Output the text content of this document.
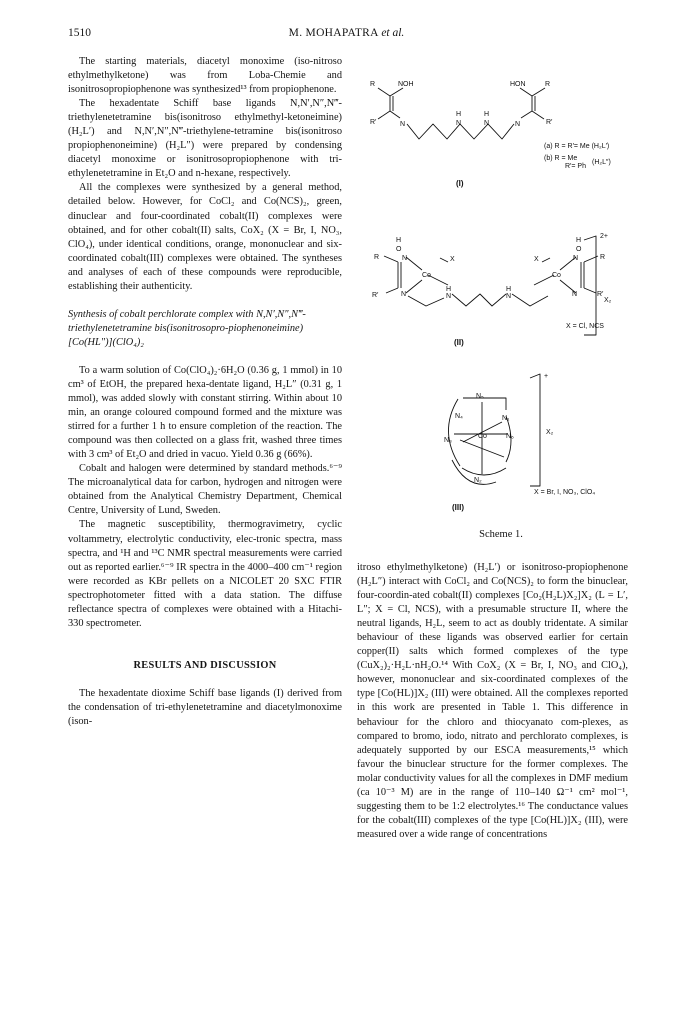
1510	M. MOHAPATRA et al.

The starting materials, diacetyl monoxime (iso-nitroso ethylmethylketone) was from Loba-Chemie and isonitrosopropiophenone was synthesized¹³ from propiophenone.

The hexadentate Schiff base ligands N,N′,N″,N‴-triethylenetetramine bis(isonitroso ethylmethyl-ketoneimine) (H₂L′) and N,N′,N″,N‴-triethylene-tetramine bis(isonitroso propiophenoneimine) (H₂L″) were prepared by condensing diacetyl monoxime or isonitrosopropiophenone with tri-ethylenetetramine in Et₂O and n-hexane, respectively.

All the complexes were synthesized by a general method, detailed below. However, for CoCl₂ and Co(NCS)₂, green, dinuclear and four-coordinated cobalt(II) complexes were obtained, and for other cobalt(II) salts, CoX₂ (X = Br, I, NO₃, ClO₄), under identical conditions, orange, mononuclear and six-coordinated cobalt(III) complexes were obtained. The syntheses and analyses of each of these compounds were reproducible, establishing their authenticity.

Synthesis of cobalt perchlorate complex with N,N′,N″,N‴-triethylenetetramine bis(isonitrosopro-piophenoneimine) [Co(HL″)](ClO₄)₂

To a warm solution of Co(ClO₄)₂·6H₂O (0.36 g, 1 mmol) in 10 cm³ of EtOH, the prepared hexa-dentate ligand, H₂L″ (0.31 g, 1 mmol), was added slowly with constant stirring. Within about 10 min, an orange coloured compound formed and the mixture was stirred for a further 1 h to ensure completion of the reaction. The compound was then collected on a glass frit, washed three times with 3 cm³ of Et₂O and dried in vacuo. Yield 0.36 g (66%).

Cobalt and halogen were determined by standard methods.⁶⁻⁹ The microanalytical data for carbon, hydrogen and nitrogen were obtained from the Analytical Chemistry Department, Chemical Centre, University of Lund, Sweden.

The magnetic susceptibility, thermogravimetry, cyclic voltammetry, electrolytic conductivity, elec-tronic spectra, mass spectra, and ¹H and ¹³C NMR spectral measurements were carried out as reported earlier.⁶⁻⁹ IR spectra in the 4000–400 cm⁻¹ region were recorded as KBr pellets on a NICOLET 20 SXC FTIR spectrophotometer fitted with a data station. The diffuse reflectance spectra of complexes were obtained with a Hitachi-330 spectrometer.

RESULTS AND DISCUSSION

The hexadentate dioxime Schiff base ligands (I) derived from the condensation of tri-ethylenetetramine and diacetylmonoxime (ison-

itroso ethylmethylketone) (H₂L′) or isonitroso-propiophenone (H₂L″) interact with CoCl₂ and Co(NCS)₂ to form the binuclear, four-coordin-ated cobalt(II) complexes [Co₂(H₂L)X₂]X₂ (L = L′, L″; X = Cl, NCS), with a presumable structure II, where the neutral ligands, H₂L, seem to act as doubly tridentate. A similar behaviour of these ligands was observed earlier for certain copper(II) salts which formed complexes of the type (CuX₂)₂·H₂L·nH₂O.¹⁴ With CoX₂ (X = Br, I, NO₃ and ClO₄), however, mononuclear and six-coordinated complexes of the type [Co(HL)]X₂ (III) were obtained. All the complexes reported in this work are presented in Table 1. This difference in behaviour for the chloro and thiocyanato com-plexes, as compared to bromo, iodo, nitrato and perchlorato complexes, is adequately supported by our ESCA measurements,¹⁵ which favour the binuclear structure for the former complexes. The molar conductivity values for all the complexes in DMF medium (ca 10⁻³ M) are in the range of 110–140 Ω⁻¹ cm² mol⁻¹, suggesting them to be 1:2 electrolytes.¹⁶ The conductance values for the cobalt(III) complexes of the type [Co(HL)]X₂ (III), were measured over a wide range of concentrations

R	NOH	HON	R
R′	N
H
N
H
N	N	R′
(a) R = R′= Me (H₂L′)
(b) R = Me
R′= Ph
(H₂L″)
(I)
R
R′
H
O
N
N
Co
X
H
N
H
N
X
Co
H
O
N
N
R
R′
2+
X₂
X = Cl, NCS
(II)
N₅
N₄	N₁
Co
N₃
N₆
N₂
+
X₂
X = Br, I, NO₃, ClO₄
(III)
Scheme 1.
